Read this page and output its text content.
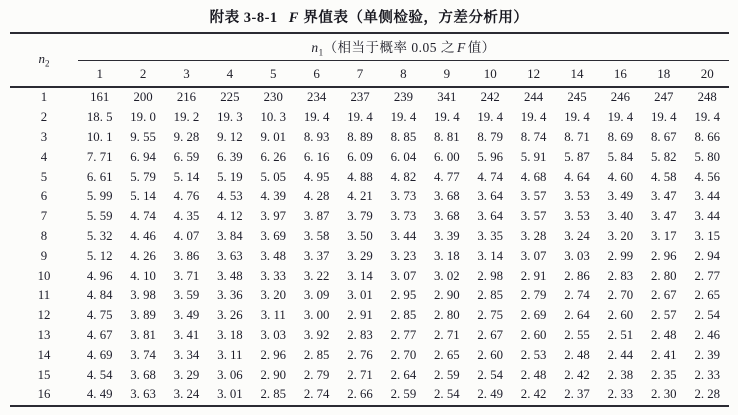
附表 3-8-1 F 界值表（单侧检验，方差分析用）
$n_2$	$n_1$（相当于概率 0.05 之 F 值）														
	1	2	3	4	5	6	7	8	9	10	12	14	16	18	20
1	161	200	216	225	230	234	237	239	341	242	244	245	246	247	248
2	18. 5	19. 0	19. 2	19. 3	10. 3	19. 4	19. 4	19. 4	19. 4	19. 4	19. 4	19. 4	19. 4	19. 4	19. 4
3	10. 1	9. 55	9. 28	9. 12	9. 01	8. 93	8. 89	8. 85	8. 81	8. 79	8. 74	8. 71	8. 69	8. 67	8. 66
4	7. 71	6. 94	6. 59	6. 39	6. 26	6. 16	6. 09	6. 04	6. 00	5. 96	5. 91	5. 87	5. 84	5. 82	5. 80
5	6. 61	5. 79	5. 14	5. 19	5. 05	4. 95	4. 88	4. 82	4. 77	4. 74	4. 68	4. 64	4. 60	4. 58	4. 56
6	5. 99	5. 14	4. 76	4. 53	4. 39	4. 28	4. 21	3. 73	3. 68	3. 64	3. 57	3. 53	3. 49	3. 47	3. 44
7	5. 59	4. 74	4. 35	4. 12	3. 97	3. 87	3. 79	3. 73	3. 68	3. 64	3. 57	3. 53	3. 40	3. 47	3. 44
8	5. 32	4. 46	4. 07	3. 84	3. 69	3. 58	3. 50	3. 44	3. 39	3. 35	3. 28	3. 24	3. 20	3. 17	3. 15
9	5. 12	4. 26	3. 86	3. 63	3. 48	3. 37	3. 29	3. 23	3. 18	3. 14	3. 07	3. 03	2. 99	2. 96	2. 94
10	4. 96	4. 10	3. 71	3. 48	3. 33	3. 22	3. 14	3. 07	3. 02	2. 98	2. 91	2. 86	2. 83	2. 80	2. 77
11	4. 84	3. 98	3. 59	3. 36	3. 20	3. 09	3. 01	2. 95	2. 90	2. 85	2. 79	2. 74	2. 70	2. 67	2. 65
12	4. 75	3. 89	3. 49	3. 26	3. 11	3. 00	2. 91	2. 85	2. 80	2. 75	2. 69	2. 64	2. 60	2. 57	2. 54
13	4. 67	3. 81	3. 41	3. 18	3. 03	3. 92	2. 83	2. 77	2. 71	2. 67	2. 60	2. 55	2. 51	2. 48	2. 46
14	4. 69	3. 74	3. 34	3. 11	2. 96	2. 85	2. 76	2. 70	2. 65	2. 60	2. 53	2. 48	2. 44	2. 41	2. 39
15	4. 54	3. 68	3. 29	3. 06	2. 90	2. 79	2. 71	2. 64	2. 59	2. 54	2. 48	2. 42	2. 38	2. 35	2. 33
16	4. 49	3. 63	3. 24	3. 01	2. 85	2. 74	2. 66	2. 59	2. 54	2. 49	2. 42	2. 37	2. 33	2. 30	2. 28
